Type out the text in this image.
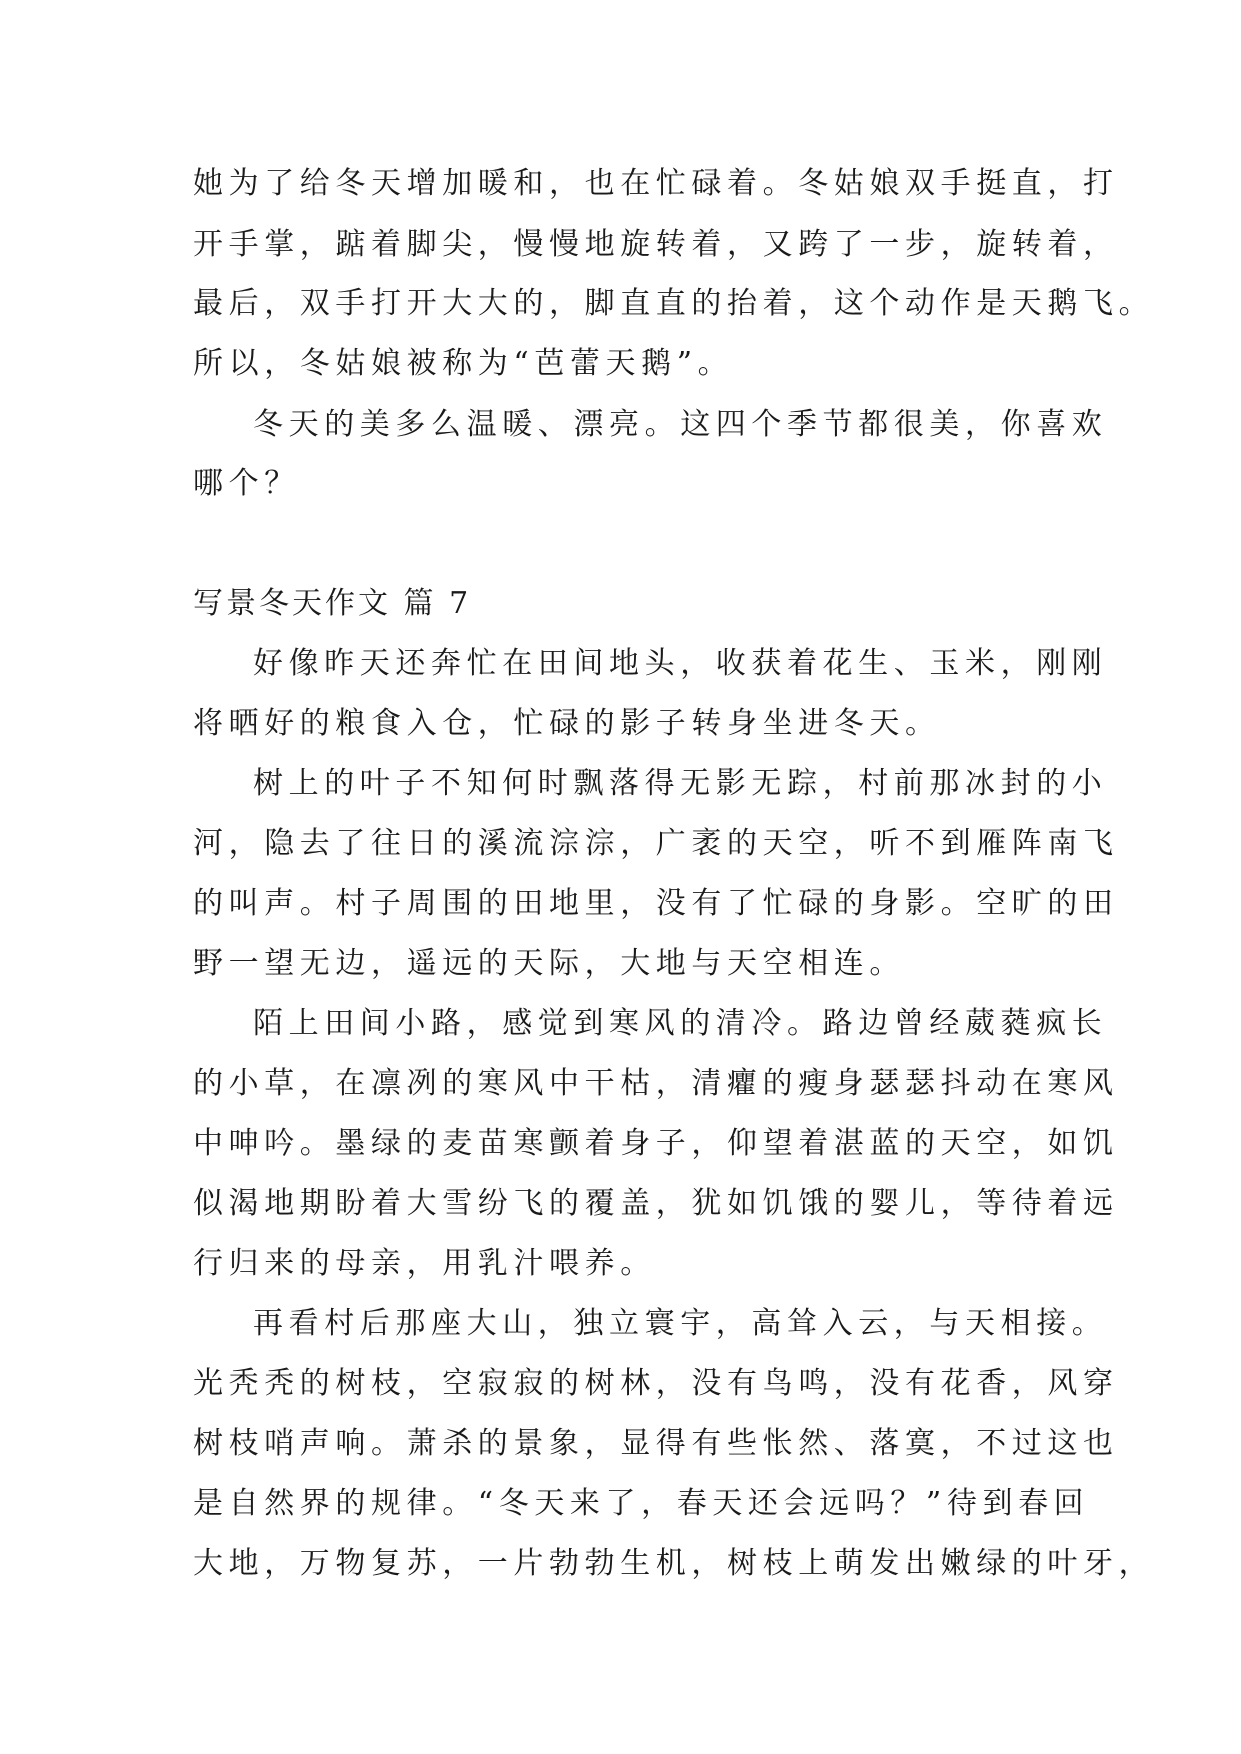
她为了给冬天增加暖和，也在忙碌着。冬姑娘双手挺直，打

开手掌，踮着脚尖，慢慢地旋转着，又跨了一步，旋转着，

最后，双手打开大大的，脚直直的抬着，这个动作是天鹅飞。

所以，冬姑娘被称为“芭蕾天鹅”。

冬天的美多么温暖、漂亮。这四个季节都很美，你喜欢

哪个？

写景冬天作文 篇 7

好像昨天还奔忙在田间地头，收获着花生、玉米，刚刚

将晒好的粮食入仓，忙碌的影子转身坐进冬天。

树上的叶子不知何时飘落得无影无踪，村前那冰封的小

河，隐去了往日的溪流淙淙，广袤的天空，听不到雁阵南飞

的叫声。村子周围的田地里，没有了忙碌的身影。空旷的田

野一望无边，遥远的天际，大地与天空相连。

陌上田间小路，感觉到寒风的清冷。路边曾经葳蕤疯长

的小草，在凛冽的寒风中干枯，清癯的瘦身瑟瑟抖动在寒风

中呻吟。墨绿的麦苗寒颤着身子，仰望着湛蓝的天空，如饥

似渴地期盼着大雪纷飞的覆盖，犹如饥饿的婴儿，等待着远

行归来的母亲，用乳汁喂养。

再看村后那座大山，独立寰宇，高耸入云，与天相接。

光秃秃的树枝，空寂寂的树林，没有鸟鸣，没有花香，风穿

树枝哨声响。萧杀的景象，显得有些怅然、落寞，不过这也

是自然界的规律。“冬天来了，春天还会远吗？”待到春回

大地，万物复苏，一片勃勃生机，树枝上萌发出嫩绿的叶牙，
